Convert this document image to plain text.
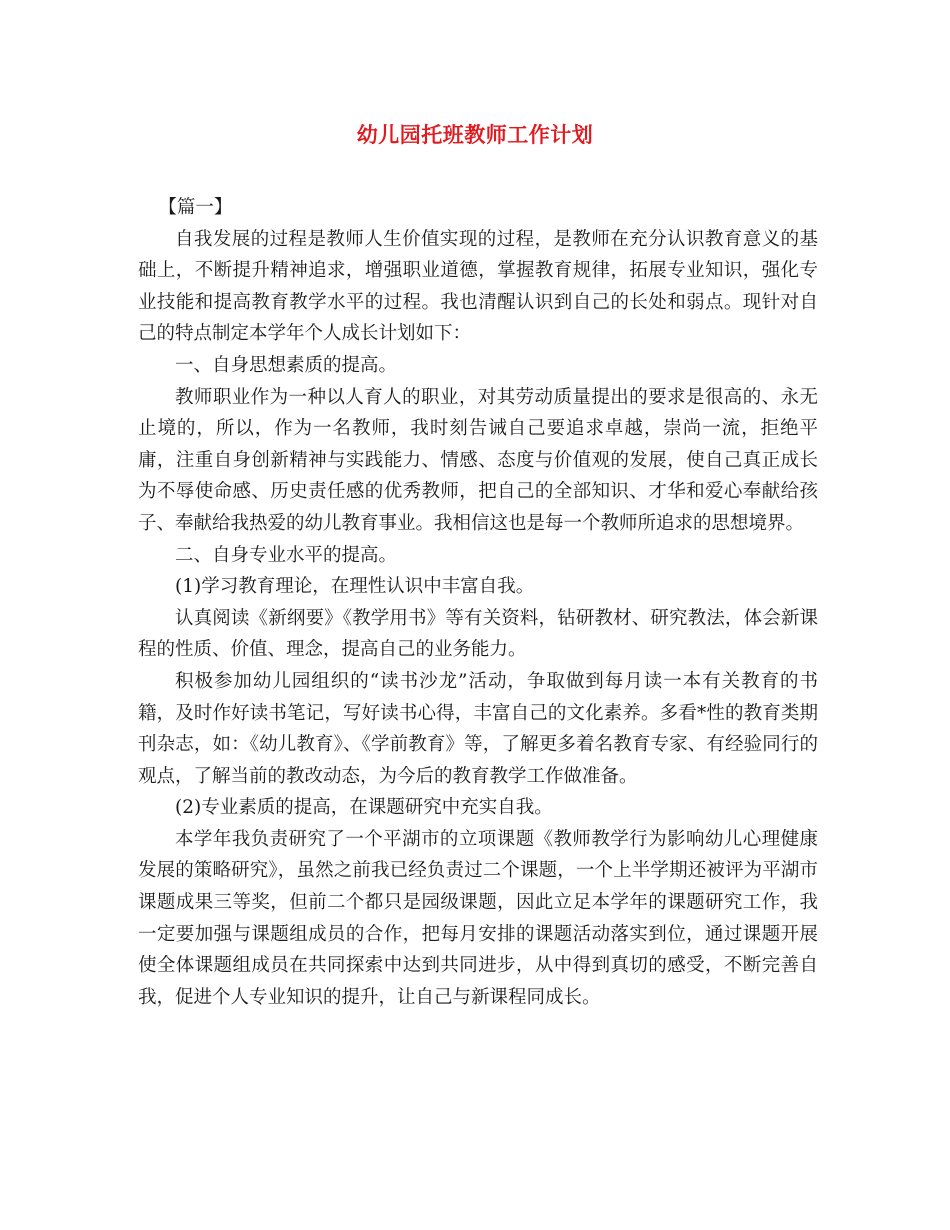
幼儿园托班教师工作计划

【篇一】

自我发展的过程是教师人生价值实现的过程，是教师在充分认识教育意义的基础上，不断提升精神追求，增强职业道德，掌握教育规律，拓展专业知识，强化专业技能和提高教育教学水平的过程。我也清醒认识到自己的长处和弱点。现针对自己的特点制定本学年个人成长计划如下：

一、自身思想素质的提高。

教师职业作为一种以人育人的职业，对其劳动质量提出的要求是很高的、永无止境的，所以，作为一名教师，我时刻告诫自己要追求卓越，崇尚一流，拒绝平庸，注重自身创新精神与实践能力、情感、态度与价值观的发展，使自己真正成长为不辱使命感、历史责任感的优秀教师，把自己的全部知识、才华和爱心奉献给孩子、奉献给我热爱的幼儿教育事业。我相信这也是每一个教师所追求的思想境界。

二、自身专业水平的提高。

(1)学习教育理论，在理性认识中丰富自我。

认真阅读《新纲要》《教学用书》等有关资料，钻研教材、研究教法，体会新课程的性质、价值、理念，提高自己的业务能力。

积极参加幼儿园组织的“读书沙龙”活动，争取做到每月读一本有关教育的书籍，及时作好读书笔记，写好读书心得，丰富自己的文化素养。多看*性的教育类期刊杂志，如：《幼儿教育》、《学前教育》等，了解更多着名教育专家、有经验同行的观点，了解当前的教改动态，为今后的教育教学工作做准备。

(2)专业素质的提高，在课题研究中充实自我。

本学年我负责研究了一个平湖市的立项课题《教师教学行为影响幼儿心理健康发展的策略研究》，虽然之前我已经负责过二个课题，一个上半学期还被评为平湖市课题成果三等奖，但前二个都只是园级课题，因此立足本学年的课题研究工作，我一定要加强与课题组成员的合作，把每月安排的课题活动落实到位，通过课题开展使全体课题组成员在共同探索中达到共同进步，从中得到真切的感受，不断完善自我，促进个人专业知识的提升，让自己与新课程同成长。
